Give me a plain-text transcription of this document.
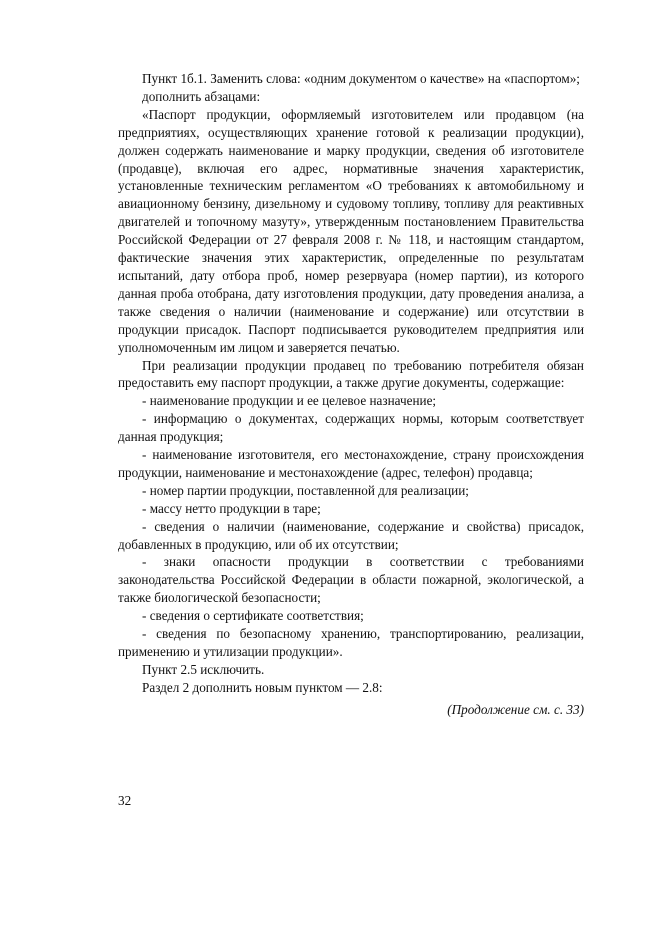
Пункт 1б.1. Заменить слова: «одним документом о качестве» на «паспортом»;

дополнить абзацами:

«Паспорт продукции, оформляемый изготовителем или продавцом (на предприятиях, осуществляющих хранение готовой к реализации продукции), должен содержать наименование и марку продукции, сведения об изготовителе (продавце), включая его адрес, нормативные значения характеристик, установленные техническим регламентом «О требованиях к автомобильному и авиационному бензину, дизельному и судовому топливу, топливу для реактивных двигателей и топочному мазуту», утвержденным постановлением Правительства Российской Федерации от 27 февраля 2008 г. № 118, и настоящим стандартом, фактические значения этих характеристик, определенные по результатам испытаний, дату отбора проб, номер резервуара (номер партии), из которого данная проба отобрана, дату изготовления продукции, дату проведения анализа, а также сведения о наличии (наименование и содержание) или отсутствии в продукции присадок. Паспорт подписывается руководителем предприятия или уполномоченным им лицом и заверяется печатью.

При реализации продукции продавец по требованию потребителя обязан предоставить ему паспорт продукции, а также другие документы, содержащие:

- наименование продукции и ее целевое назначение;

- информацию о документах, содержащих нормы, которым соответствует данная продукция;

- наименование изготовителя, его местонахождение, страну происхождения продукции, наименование и местонахождение (адрес, телефон) продавца;

- номер партии продукции, поставленной для реализации;

- массу нетто продукции в таре;

- сведения о наличии (наименование, содержание и свойства) присадок, добавленных в продукцию, или об их отсутствии;

- знаки опасности продукции в соответствии с требованиями законодательства Российской Федерации в области пожарной, экологической, а также биологической безопасности;

- сведения о сертификате соответствия;

- сведения по безопасному хранению, транспортированию, реализации, применению и утилизации продукции».

Пункт 2.5 исключить.

Раздел 2 дополнить новым пунктом — 2.8:

(Продолжение см. с. 33)

32
